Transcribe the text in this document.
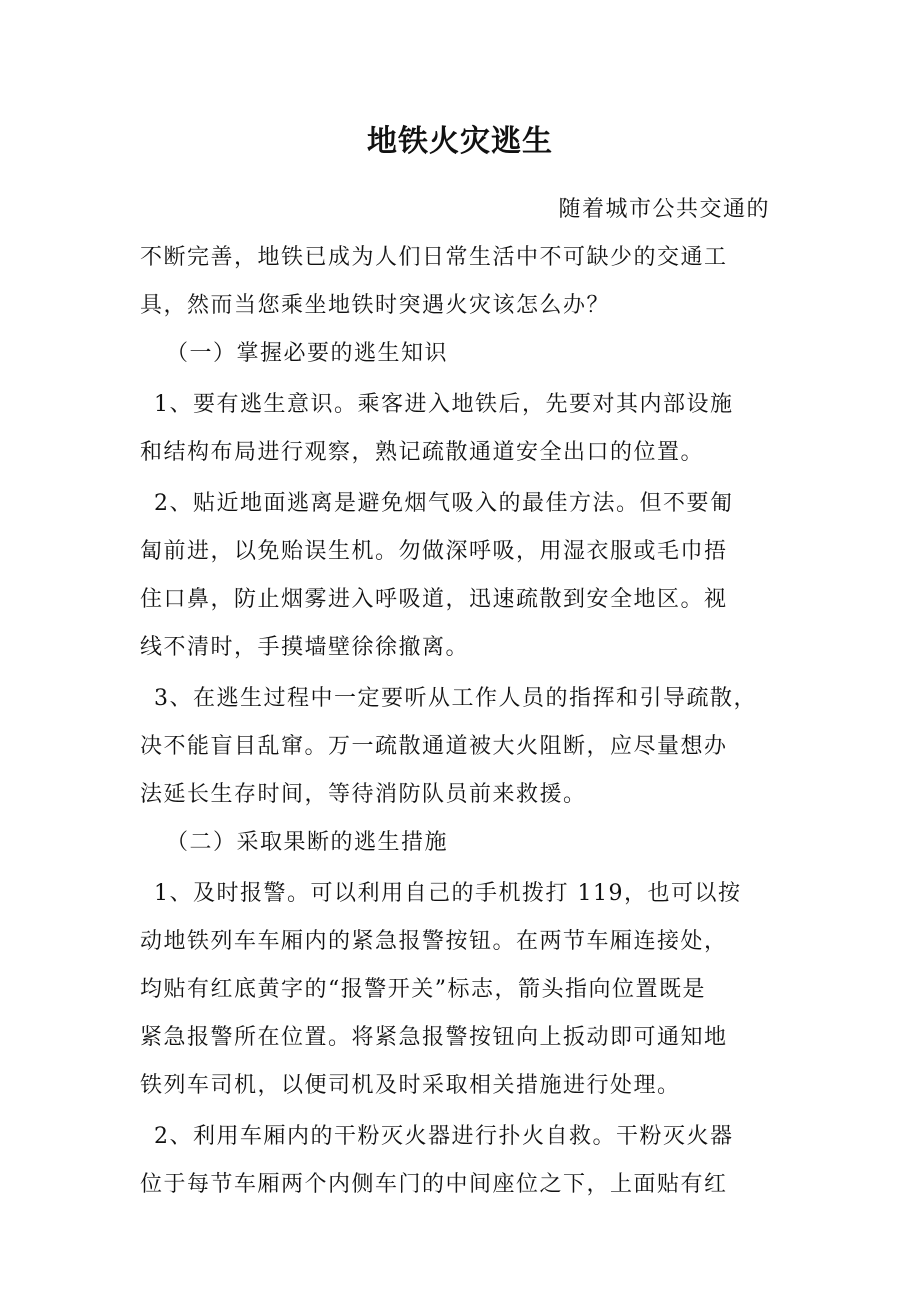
地铁火灾逃生
随着城市公共交通的
不断完善，地铁已成为人们日常生活中不可缺少的交通工
具，然而当您乘坐地铁时突遇火灾该怎么办？
（一）掌握必要的逃生知识
1、要有逃生意识。乘客进入地铁后，先要对其内部设施
和结构布局进行观察，熟记疏散通道安全出口的位置。
2、贴近地面逃离是避免烟气吸入的最佳方法。但不要匍
匐前进，以免贻误生机。勿做深呼吸，用湿衣服或毛巾捂
住口鼻，防止烟雾进入呼吸道，迅速疏散到安全地区。视
线不清时，手摸墙壁徐徐撤离。
3、在逃生过程中一定要听从工作人员的指挥和引导疏散，
决不能盲目乱窜。万一疏散通道被大火阻断，应尽量想办
法延长生存时间，等待消防队员前来救援。
（二）采取果断的逃生措施
1、及时报警。可以利用自己的手机拨打 119，也可以按
动地铁列车车厢内的紧急报警按钮。在两节车厢连接处，
均贴有红底黄字的“报警开关”标志，箭头指向位置既是
紧急报警所在位置。将紧急报警按钮向上扳动即可通知地
铁列车司机，以便司机及时采取相关措施进行处理。
2、利用车厢内的干粉灭火器进行扑火自救。干粉灭火器
位于每节车厢两个内侧车门的中间座位之下，上面贴有红
